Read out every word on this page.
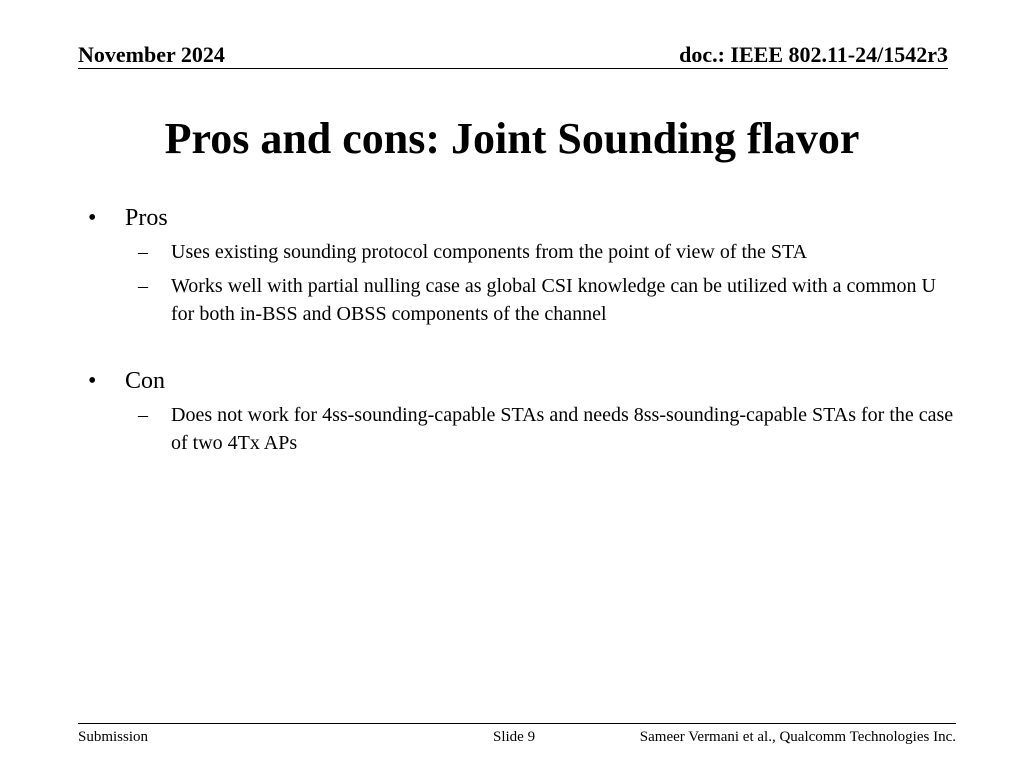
November 2024	doc.: IEEE 802.11-24/1542r3
Pros and cons: Joint Sounding flavor
• Pros
– Uses existing sounding protocol components from the point of view of the STA
– Works well with partial nulling case as global CSI knowledge can be utilized with a common U for both in-BSS and OBSS components of the channel
• Con
– Does not work for 4ss-sounding-capable STAs and needs 8ss-sounding-capable STAs for the case of two 4Tx APs
Submission	Slide 9	Sameer Vermani et al., Qualcomm Technologies Inc.
